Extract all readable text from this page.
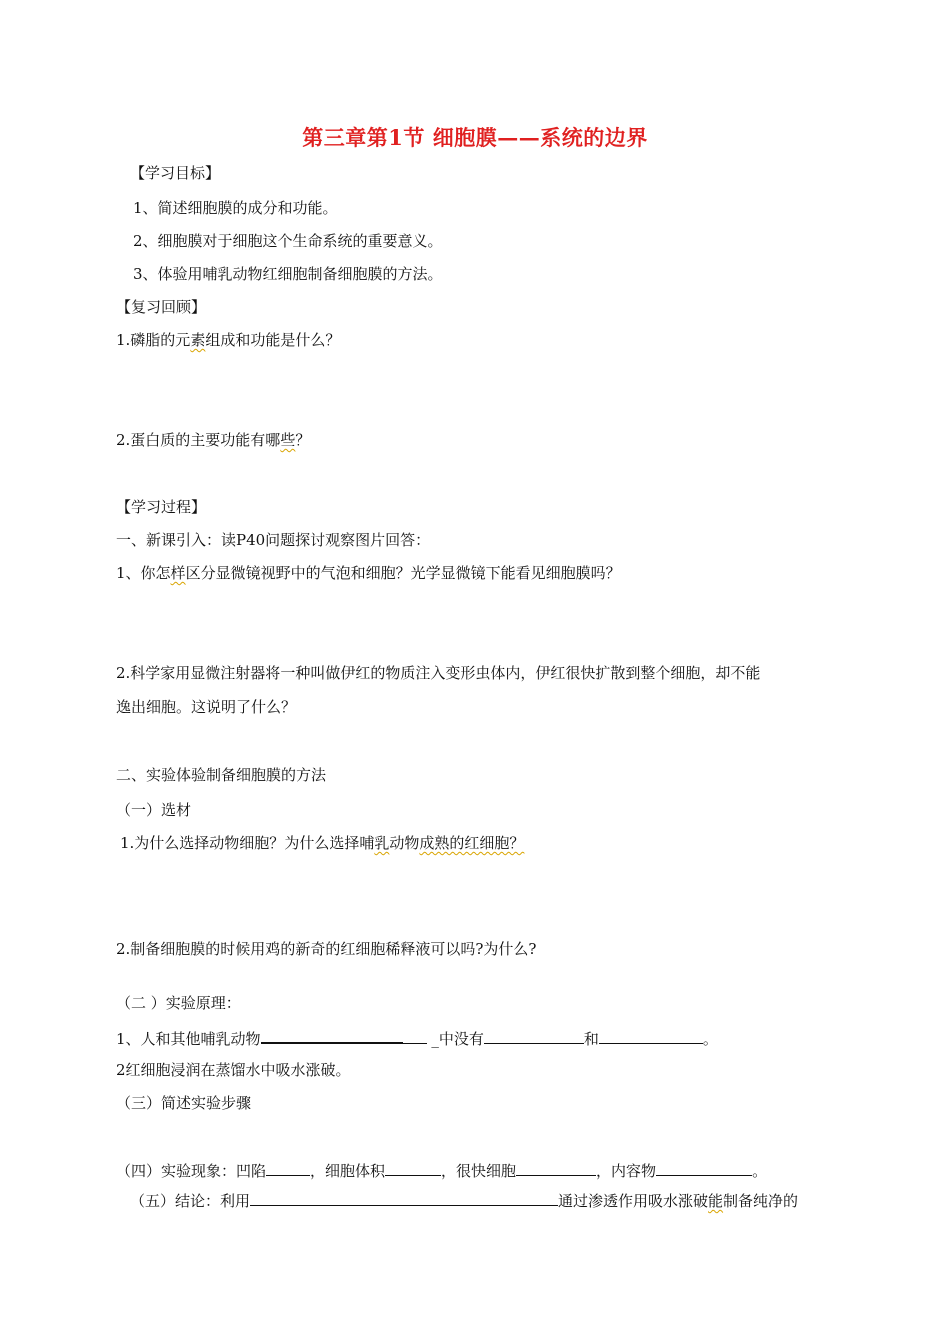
第三章第1节 细胞膜——系统的边界
【学习目标】
1、简述细胞膜的成分和功能。
2、细胞膜对于细胞这个生命系统的重要意义。
3、体验用哺乳动物红细胞制备细胞膜的方法。
【复习回顾】
1.磷脂的元素组成和功能是什么？
2.蛋白质的主要功能有哪些？
【学习过程】
一、新课引入：读P40问题探讨观察图片回答：
1、你怎样区分显微镜视野中的气泡和细胞？光学显微镜下能看见细胞膜吗？
2.科学家用显微注射器将一种叫做伊红的物质注入变形虫体内，伊红很快扩散到整个细胞，却不能
逸出细胞。这说明了什么？
二、实验体验制备细胞膜的方法
（一）选材
1.为什么选择动物细胞？为什么选择哺乳动物成熟的红细胞？
2.制备细胞膜的时候用鸡的新奇的红细胞稀释液可以吗?为什么?
（二 ）实验原理：
1、人和其他哺乳动物	_中没有	和	。
2红细胞浸润在蒸馏水中吸水涨破。
（三）简述实验步骤
（四）实验现象：凹陷	，细胞体积	，很快细胞	，内容物	。
（五）结论：利用	通过渗透作用吸水涨破能制备纯净的
